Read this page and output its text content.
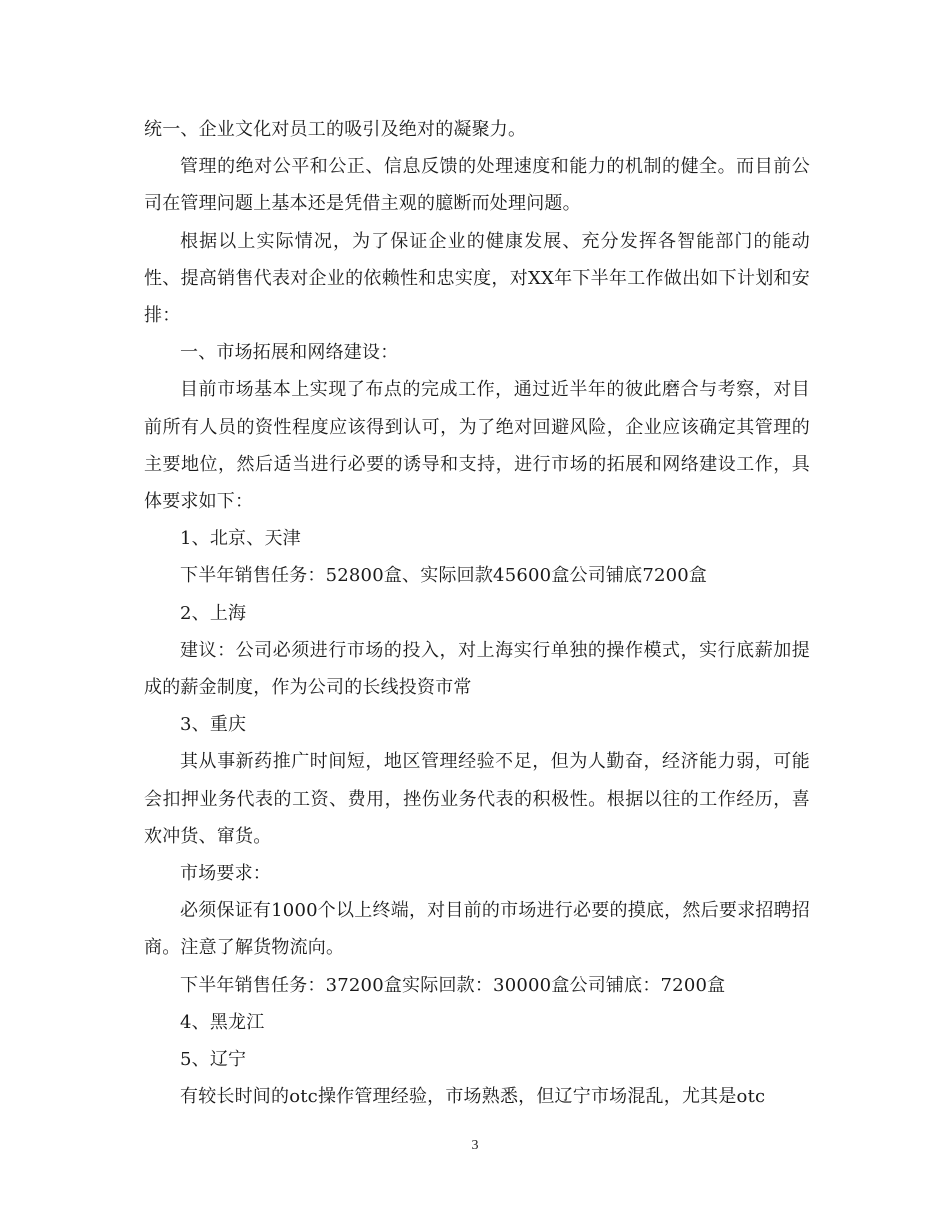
统一、企业文化对员工的吸引及绝对的凝聚力。

管理的绝对公平和公正、信息反馈的处理速度和能力的机制的健全。而目前公司在管理问题上基本还是凭借主观的臆断而处理问题。

根据以上实际情况，为了保证企业的健康发展、充分发挥各智能部门的能动性、提高销售代表对企业的依赖性和忠实度，对XX年下半年工作做出如下计划和安排：

一、市场拓展和网络建设：

目前市场基本上实现了布点的完成工作，通过近半年的彼此磨合与考察，对目前所有人员的资性程度应该得到认可，为了绝对回避风险，企业应该确定其管理的主要地位，然后适当进行必要的诱导和支持，进行市场的拓展和网络建设工作，具体要求如下：

1、北京、天津

下半年销售任务：52800盒、实际回款45600盒公司铺底7200盒

2、上海

建议：公司必须进行市场的投入，对上海实行单独的操作模式，实行底薪加提成的薪金制度，作为公司的长线投资市常

3、重庆

其从事新药推广时间短，地区管理经验不足，但为人勤奋，经济能力弱，可能会扣押业务代表的工资、费用，挫伤业务代表的积极性。根据以往的工作经历，喜欢冲货、窜货。

市场要求：

必须保证有1000个以上终端，对目前的市场进行必要的摸底，然后要求招聘招商。注意了解货物流向。

下半年销售任务：37200盒实际回款：30000盒公司铺底：7200盒

4、黑龙江

5、辽宁

有较长时间的otc操作管理经验，市场熟悉，但辽宁市场混乱，尤其是otc

3
